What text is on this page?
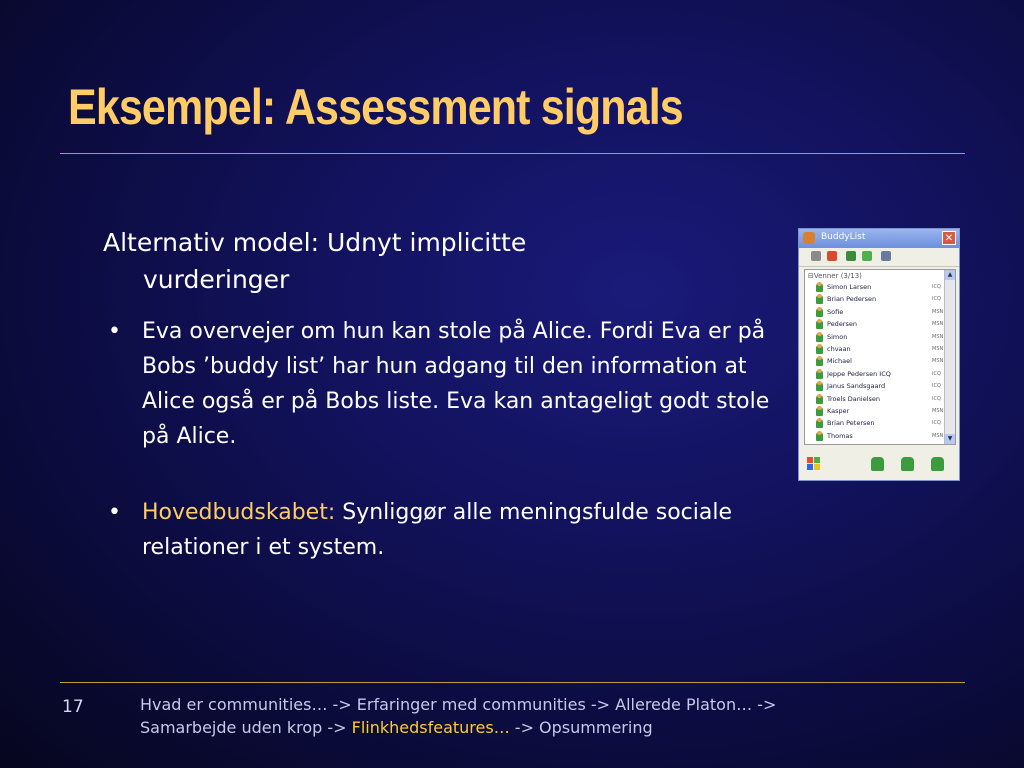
Eksempel: Assessment signals
Alternativ model: Udnyt implicitte
vurderinger
• Eva overvejer om hun kan stole på Alice. Fordi Eva er på Bobs ’buddy list’ har hun adgang til den information at Alice også er på Bobs liste. Eva kan antageligt godt stole på Alice.
• Hovedbudskabet: Synliggør alle meningsfulde sociale relationer i et system.
BuddyList	✕
⊟Venner (3/13)
Simon Larsen	ICQ
Brian Pedersen	ICQ
Sofie	MSN
Pedersen	MSN
Simon	MSN
chvaan	MSN
Michael	MSN
Jeppe Pedersen ICQ	ICQ
Janus Sandsgaard	ICQ
Troels Danielsen	ICQ
Kasper	MSN
Brian Petersen	ICQ
Thomas	MSN
▲
▼
17	Hvad er communities… -> Erfaringer med communities -> Allerede Platon… ->
Samarbejde uden krop -> Flinkhedsfeatures… -> Opsummering
